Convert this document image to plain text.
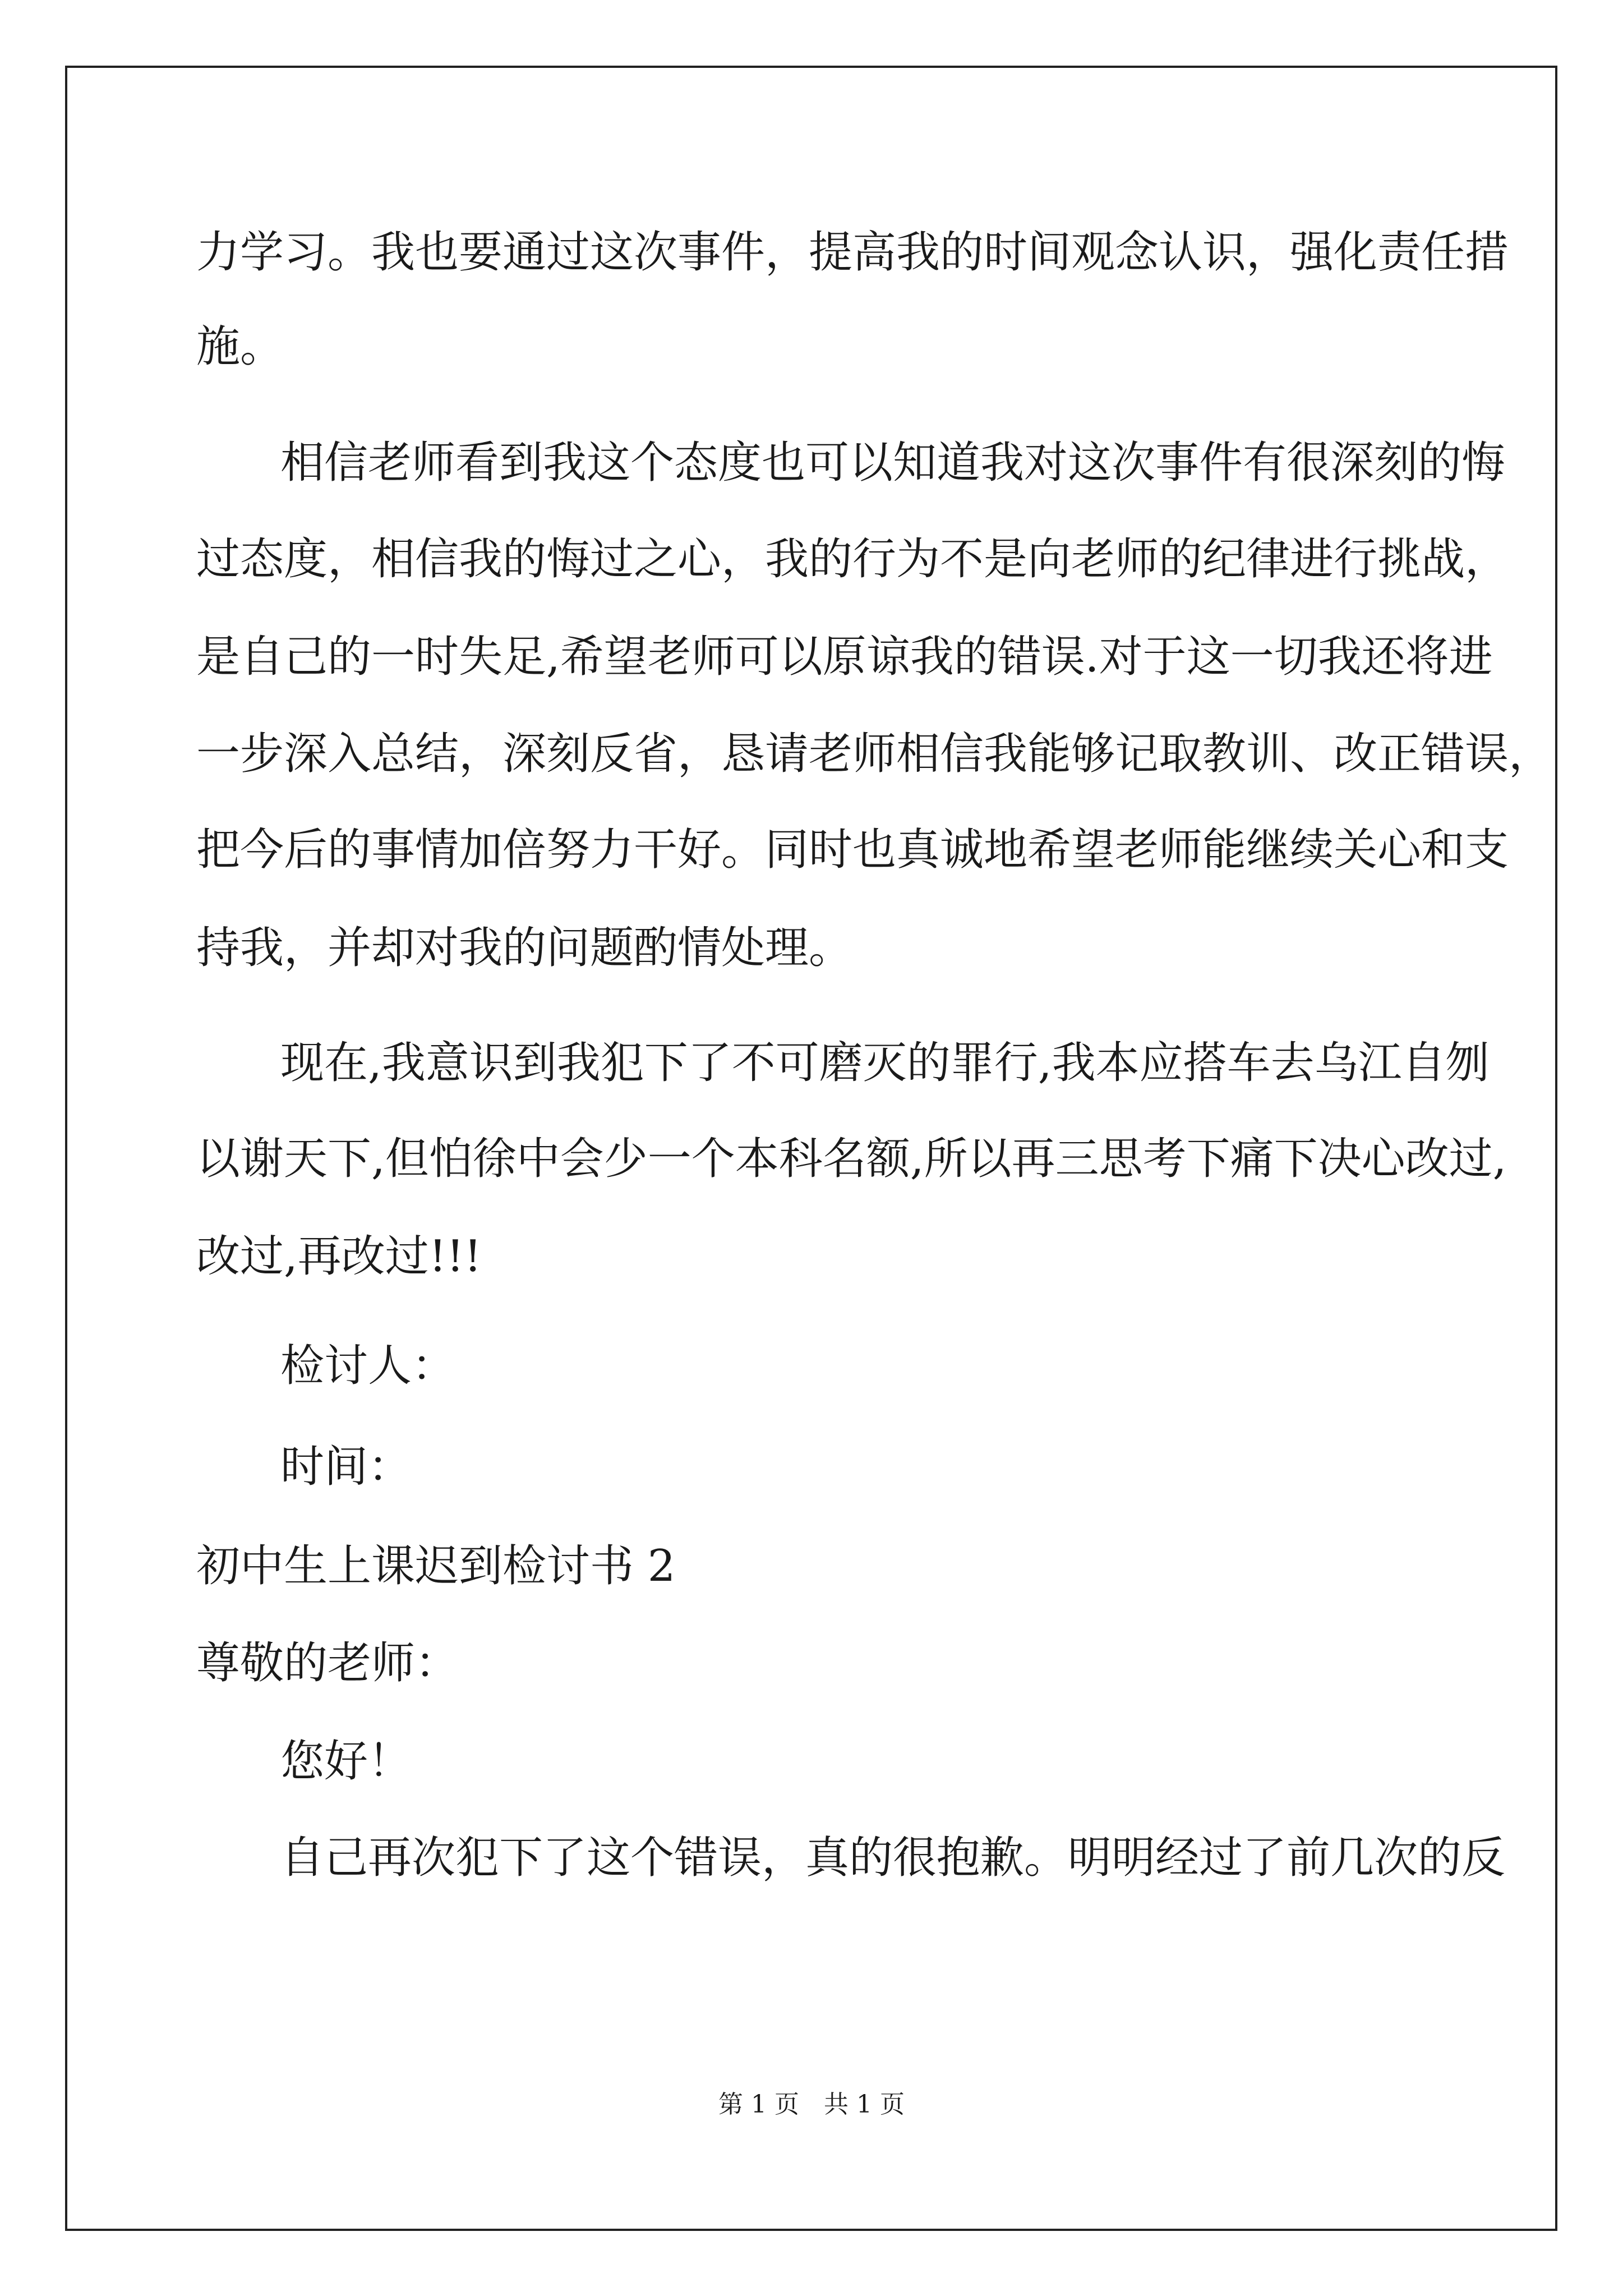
力学习。我也要通过这次事件，提高我的时间观念认识，强化责任措
施。
相信老师看到我这个态度也可以知道我对这次事件有很深刻的悔
过态度，相信我的悔过之心，我的行为不是向老师的纪律进行挑战，
是自己的一时失足,希望老师可以原谅我的错误.对于这一切我还将进
一步深入总结，深刻反省，恳请老师相信我能够记取教训、改正错误，
把今后的事情加倍努力干好。同时也真诚地希望老师能继续关心和支
持我，并却对我的问题酌情处理。
现在,我意识到我犯下了不可磨灭的罪行,我本应搭车去乌江自刎
以谢天下,但怕徐中会少一个本科名额,所以再三思考下痛下决心改过,
改过,再改过!!!
检讨人：
时间：
初中生上课迟到检讨书 2
尊敬的老师：
您好！
自己再次犯下了这个错误，真的很抱歉。明明经过了前几次的反
第 1 页　共 1 页
